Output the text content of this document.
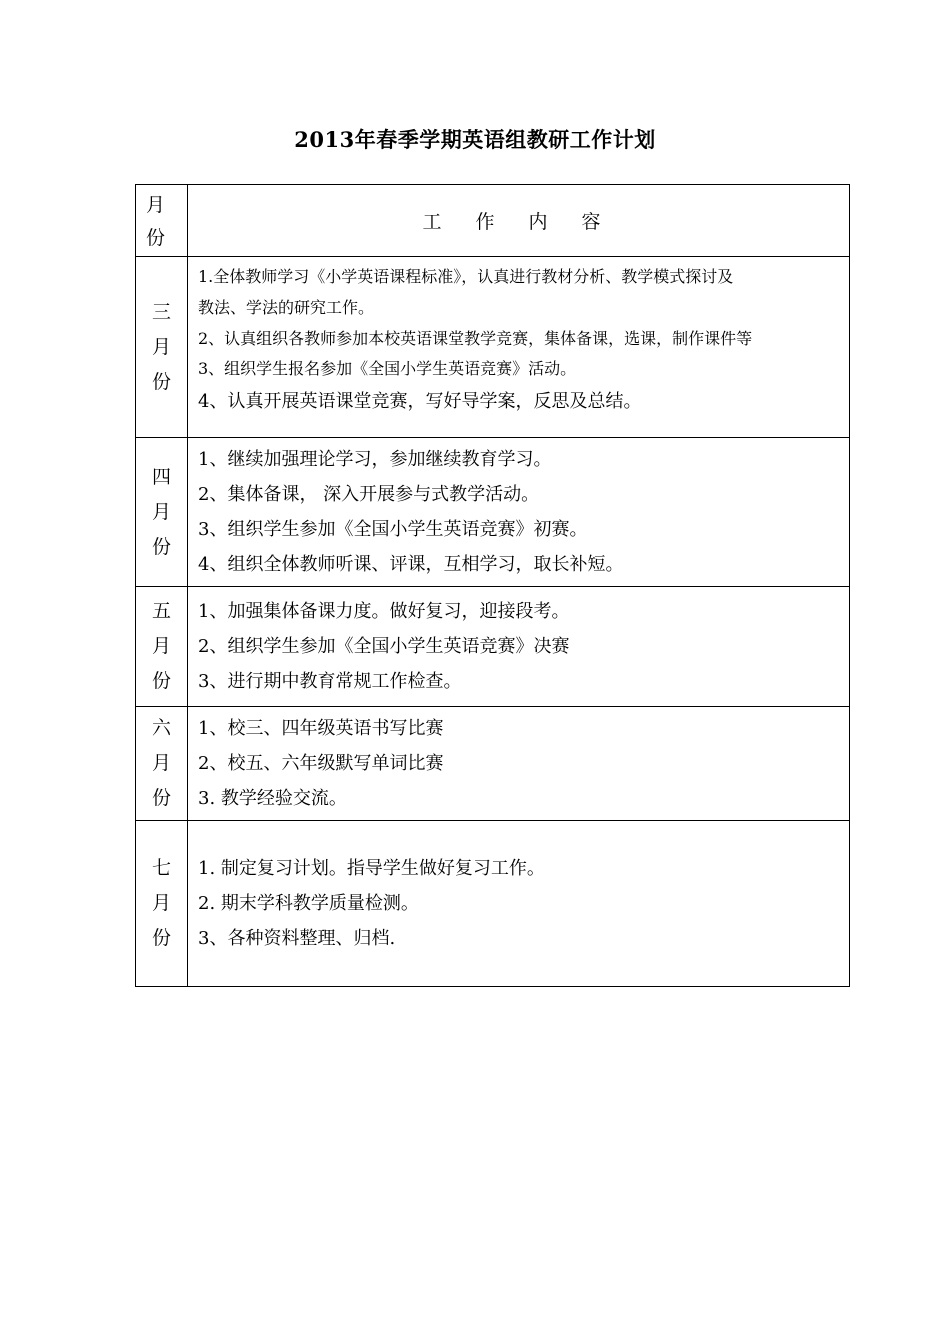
2013年春季学期英语组教研工作计划
月
份	工 作 内 容

三
月
份	1.全体教师学习《小学英语课程标准》，认真进行教材分析、教学模式探讨及
教法、学法的研究工作。
2、认真组织各教师参加本校英语课堂教学竞赛，集体备课，选课，制作课件等
3、组织学生报名参加《全国小学生英语竞赛》活动。
4、认真开展英语课堂竞赛，写好导学案，反思及总结。

四
月
份	1、继续加强理论学习，参加继续教育学习。
2、集体备课， 深入开展参与式教学活动。
3、组织学生参加《全国小学生英语竞赛》初赛。
4、组织全体教师听课、评课，互相学习，取长补短。

五
月
份	1、加强集体备课力度。做好复习，迎接段考。
2、组织学生参加《全国小学生英语竞赛》决赛
3、进行期中教育常规工作检查。

六
月
份	1、校三、四年级英语书写比赛
2、校五、六年级默写单词比赛
3. 教学经验交流。

七
月
份	1. 制定复习计划。指导学生做好复习工作。
2. 期末学科教学质量检测。
3、各种资料整理、归档.
